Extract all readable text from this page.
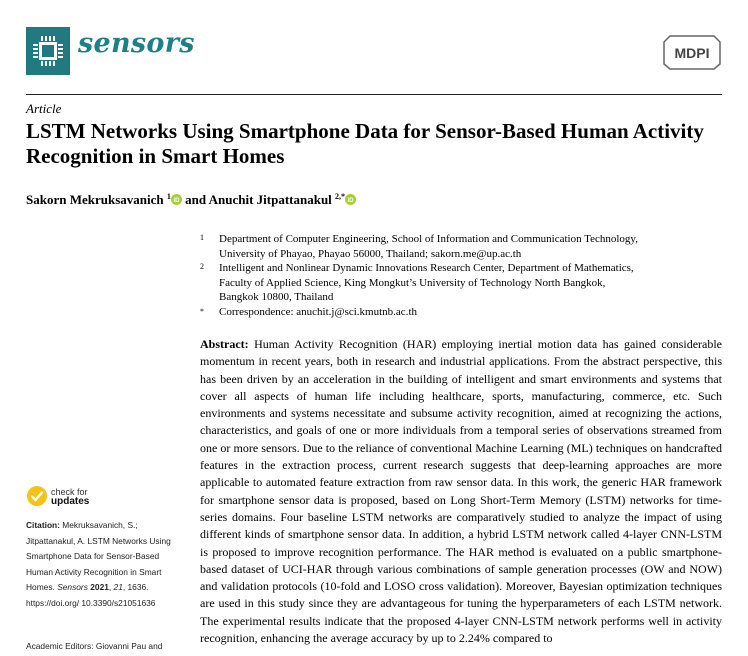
sensors	MDPI
Article
LSTM Networks Using Smartphone Data for Sensor-Based Human Activity Recognition in Smart Homes
Sakorn Mekruksavanich $^1$ iD and Anuchit Jitpattanakul $^{2,*}$ iD
1 Department of Computer Engineering, School of Information and Communication Technology,
University of Phayao, Phayao 56000, Thailand; sakorn.me@up.ac.th
2 Intelligent and Nonlinear Dynamic Innovations Research Center, Department of Mathematics,
Faculty of Applied Science, King Mongkut’s University of Technology North Bangkok,
Bangkok 10800, Thailand
* Correspondence: anuchit.j@sci.kmutnb.ac.th
Abstract: Human Activity Recognition (HAR) employing inertial motion data has gained considerable momentum in recent years, both in research and industrial applications. From the abstract perspective, this has been driven by an acceleration in the building of intelligent and smart environments and systems that cover all aspects of human life including healthcare, sports, manufacturing, commerce, etc. Such environments and systems necessitate and subsume activity recognition, aimed at recognizing the actions, characteristics, and goals of one or more individuals from a temporal series of observations streamed from one or more sensors. Due to the reliance of conventional Machine Learning (ML) techniques on handcrafted features in the extraction process, current research suggests that deep-learning approaches are more applicable to automated feature extraction from raw sensor data. In this work, the generic HAR framework for smartphone sensor data is proposed, based on Long Short-Term Memory (LSTM) networks for time-series domains. Four baseline LSTM networks are comparatively studied to analyze the impact of using different kinds of smartphone sensor data. In addition, a hybrid LSTM network called 4-layer CNN-LSTM is proposed to improve recognition performance. The HAR method is evaluated on a public smartphone-based dataset of UCI-HAR through various combinations of sample generation processes (OW and NOW) and validation protocols (10-fold and LOSO cross validation). Moreover, Bayesian optimization techniques are used in this study since they are advantageous for tuning the hyperparameters of each LSTM network. The experimental results indicate that the proposed 4-layer CNN-LSTM network performs well in activity recognition, enhancing the average accuracy by up to 2.24% compared to
check for
updates
Citation: Mekruksavanich, S.; Jitpattanakul, A. LSTM Networks Using Smartphone Data for Sensor-Based Human Activity Recognition in Smart Homes. Sensors 2021, 21, 1636. https://doi.org/ 10.3390/s21051636
Academic Editors: Giovanni Pau and
